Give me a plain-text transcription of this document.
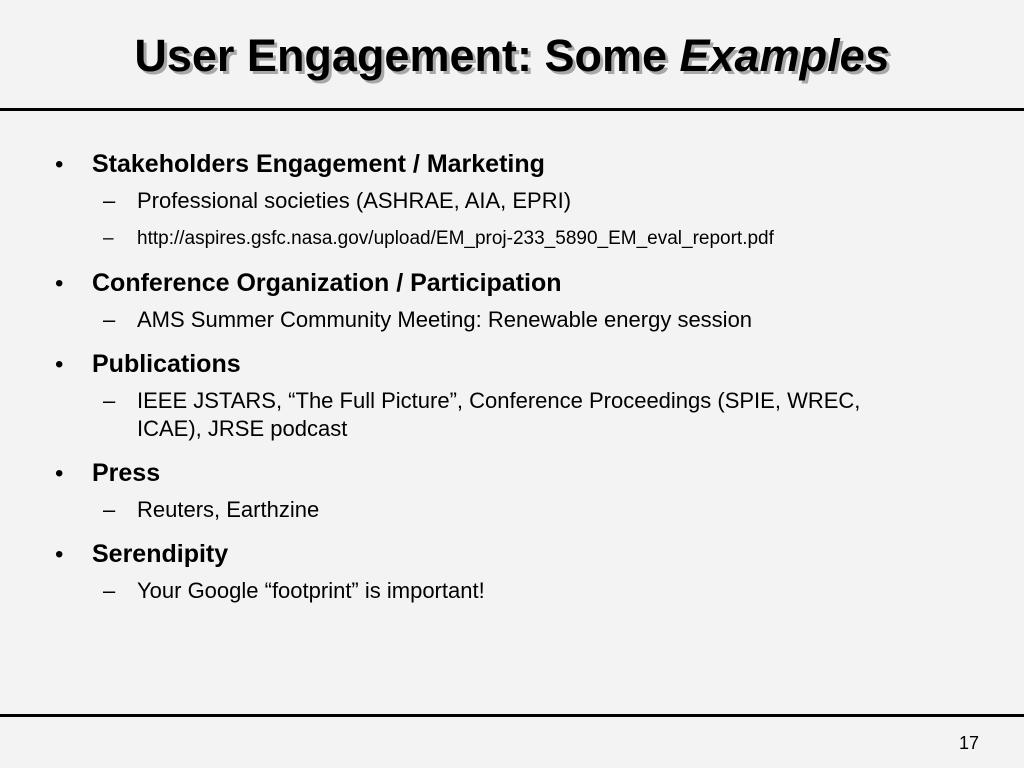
User Engagement: Some Examples
• Stakeholders Engagement / Marketing
– Professional societies (ASHRAE, AIA, EPRI)
– http://aspires.gsfc.nasa.gov/upload/EM_proj-233_5890_EM_eval_report.pdf
• Conference Organization / Participation
– AMS Summer Community Meeting: Renewable energy session
• Publications
– IEEE JSTARS, “The Full Picture”, Conference Proceedings (SPIE, WREC, ICAE), JRSE podcast
• Press
– Reuters, Earthzine
• Serendipity
– Your Google “footprint” is important!
17
